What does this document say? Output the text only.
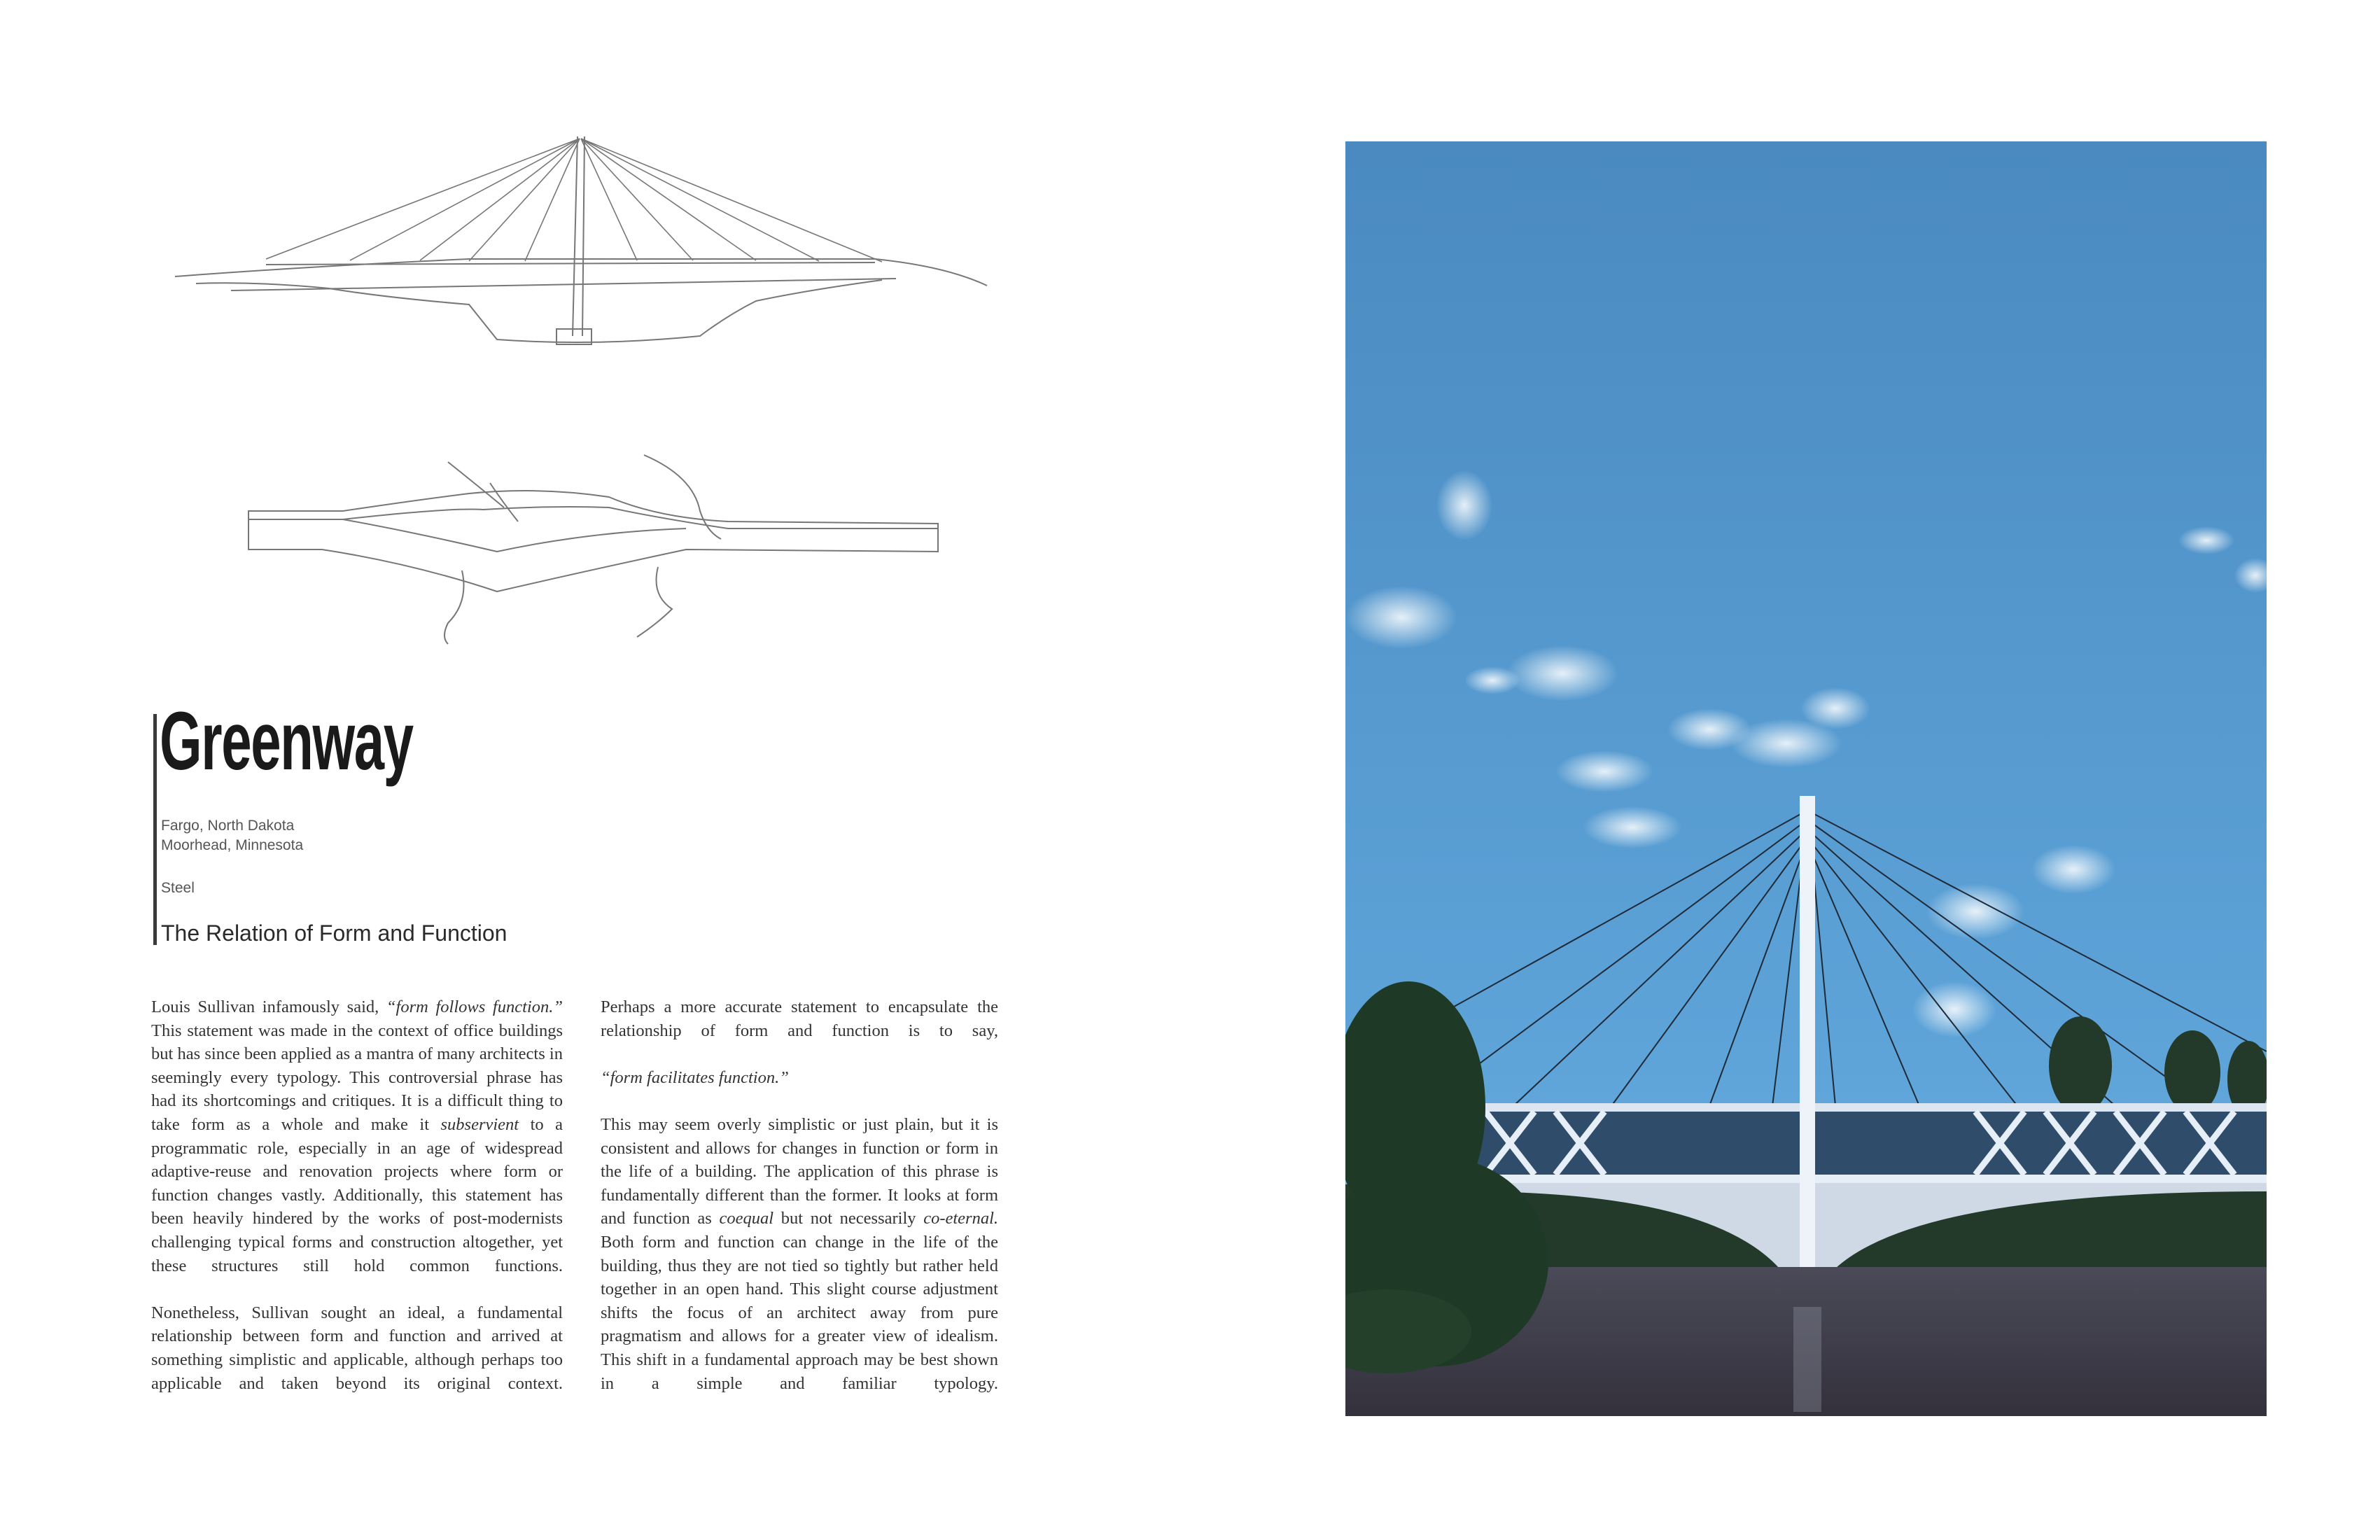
Greenway
Fargo, North Dakota
Moorhead, Minnesota
Steel
The Relation of Form and Function

Louis Sullivan infamously said, “form follows function.” This statement was made in the context of office buildings but has since been applied as a mantra of many architects in seemingly every typology. This controversial phrase has had its shortcomings and critiques. It is a difficult thing to take form as a whole and make it subservient to a programmatic role, especially in an age of widespread adaptive-reuse and renovation projects where form or function changes vastly. Additionally, this statement has been heavily hindered by the works of post-modernists challenging typical forms and construction altogether, yet these structures still hold common functions.

Nonetheless, Sullivan sought an ideal, a fundamental relationship between form and function and arrived at something simplistic and applicable, although perhaps too applicable and taken beyond its original context.

Perhaps a more accurate statement to encapsulate the relationship of form and function is to say,

“form facilitates function.”

This may seem overly simplistic or just plain, but it is consistent and allows for changes in function or form in the life of a building. The application of this phrase is fundamentally different than the former. It looks at form and function as coequal but not necessarily co-eternal. Both form and function can change in the life of the building, thus they are not tied so tightly but rather held together in an open hand. This slight course adjustment shifts the focus of an architect away from pure pragmatism and allows for a greater view of idealism. This shift in a fundamental approach may be best shown in a simple and familiar typology.
